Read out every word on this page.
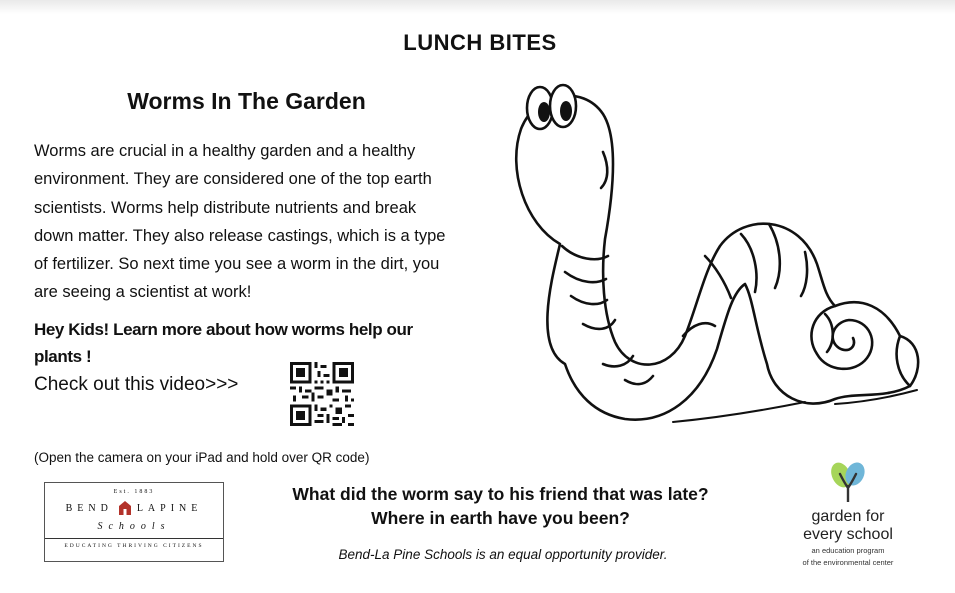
LUNCH BITES
Worms In The Garden

Worms are crucial in a healthy garden and a healthy environment. They are considered one of the top earth scientists. Worms help distribute nutrients and break down matter. They also release castings, which is a type of fertilizer. So next time you see a worm in the dirt, you are seeing a scientist at work!

Hey Kids! Learn more about how worms help our plants !
Check out this video>>>
(Open the camera on your iPad and hold over QR code)
Est. 1883
BEND LAPINE
Schools
EDUCATING THRIVING CITIZENS
What did the worm say to his friend that was late?
Where in earth have you been?
Bend-La Pine Schools is an equal opportunity provider.
garden for
every school
an education program
of the environmental center
